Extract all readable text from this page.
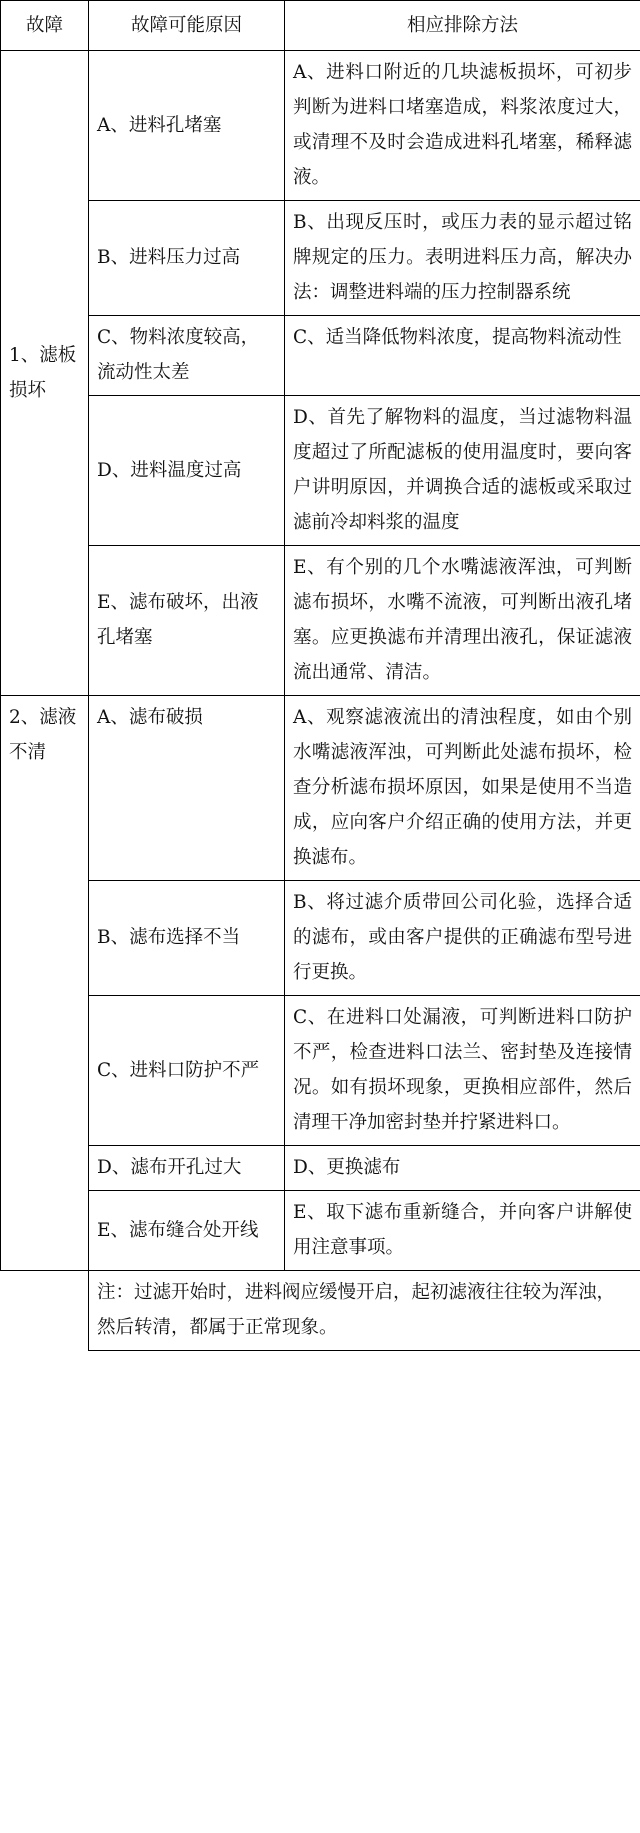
故障	故障可能原因	相应排除方法
1、滤板损坏	A、进料孔堵塞	A、进料口附近的几块滤板损坏，可初步判断为进料口堵塞造成，料浆浓度过大，或清理不及时会造成进料孔堵塞，稀释滤液。
	B、进料压力过高	B、出现反压时，或压力表的显示超过铭牌规定的压力。表明进料压力高，解决办法：调整进料端的压力控制器系统
	C、物料浓度较高，流动性太差	C、适当降低物料浓度，提高物料流动性
	D、进料温度过高	D、首先了解物料的温度，当过滤物料温度超过了所配滤板的使用温度时，要向客户讲明原因，并调换合适的滤板或采取过滤前冷却料浆的温度
	E、滤布破坏，出液孔堵塞	E、有个别的几个水嘴滤液浑浊，可判断滤布损坏，水嘴不流液，可判断出液孔堵塞。应更换滤布并清理出液孔，保证滤液流出通常、清洁。
2、滤液不清	A、滤布破损	A、观察滤液流出的清浊程度，如由个别水嘴滤液浑浊，可判断此处滤布损坏，检查分析滤布损坏原因，如果是使用不当造成，应向客户介绍正确的使用方法，并更换滤布。
	B、滤布选择不当	B、将过滤介质带回公司化验，选择合适的滤布，或由客户提供的正确滤布型号进行更换。
	C、进料口防护不严	C、在进料口处漏液，可判断进料口防护不严，检查进料口法兰、密封垫及连接情况。如有损坏现象，更换相应部件，然后清理干净加密封垫并拧紧进料口。
	D、滤布开孔过大	D、更换滤布
	E、滤布缝合处开线	E、取下滤布重新缝合，并向客户讲解使用注意事项。
	注：过滤开始时，进料阀应缓慢开启，起初滤液往往较为浑浊，然后转清，都属于正常现象。	
